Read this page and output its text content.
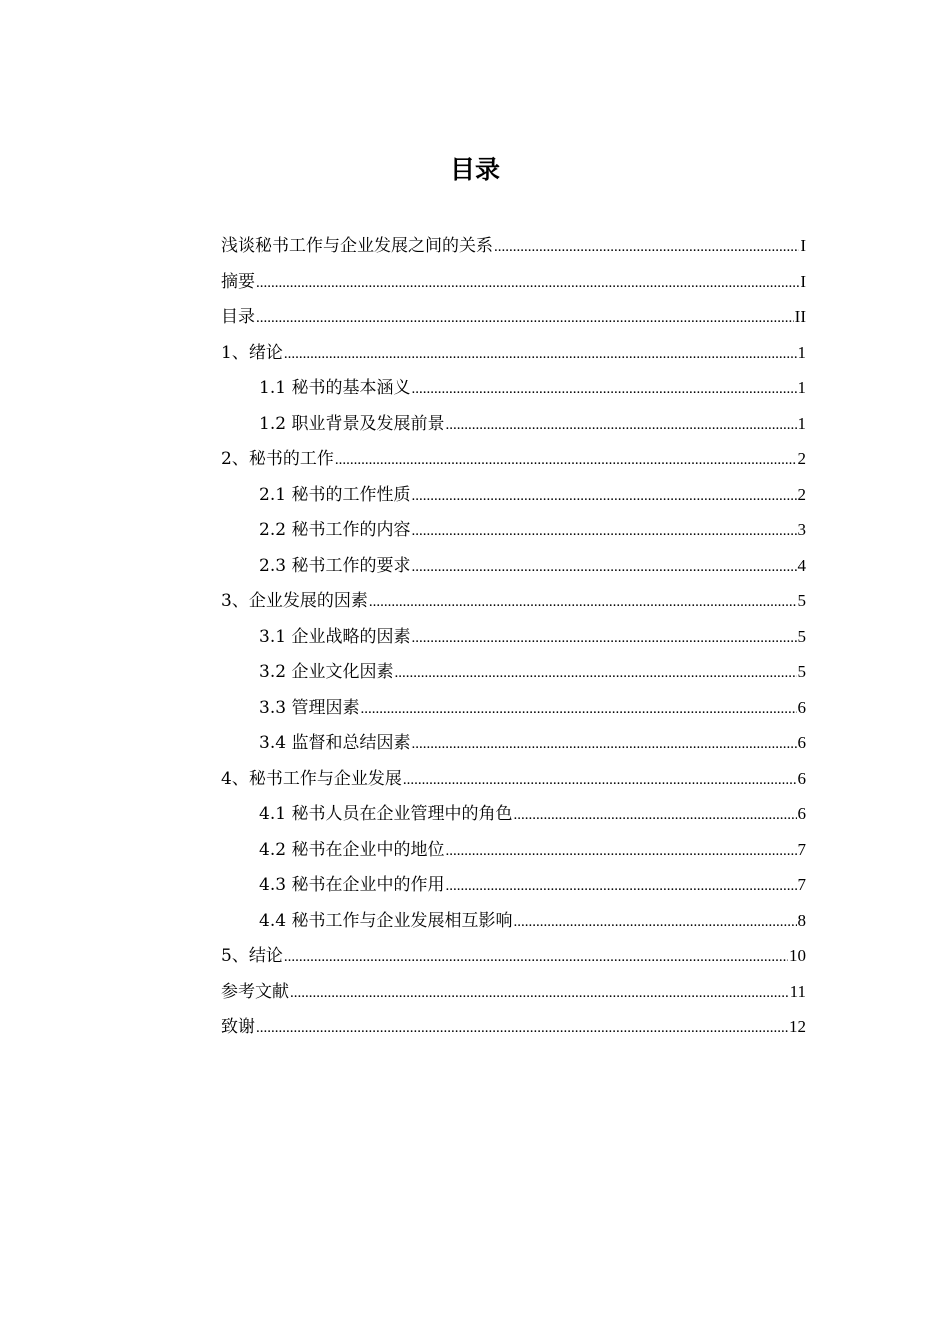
目录
浅谈秘书工作与企业发展之间的关系 .....	I
摘要 .....	I
目录 .....	II
1、绪论 .....	1
1.1 秘书的基本涵义 .....	1
1.2 职业背景及发展前景 .....	1
2、秘书的工作 .....	2
2.1 秘书的工作性质 .....	2
2.2 秘书工作的内容 .....	3
2.3 秘书工作的要求 .....	4
3、企业发展的因素 .....	5
3.1 企业战略的因素 .....	5
3.2 企业文化因素 .....	5
3.3 管理因素 .....	6
3.4 监督和总结因素 .....	6
4、秘书工作与企业发展 .....	6
4.1 秘书人员在企业管理中的角色 .....	6
4.2 秘书在企业中的地位 .....	7
4.3 秘书在企业中的作用 .....	7
4.4 秘书工作与企业发展相互影响 .....	8
5、结论 .....	10
参考文献 .....	11
致谢 .....	12
